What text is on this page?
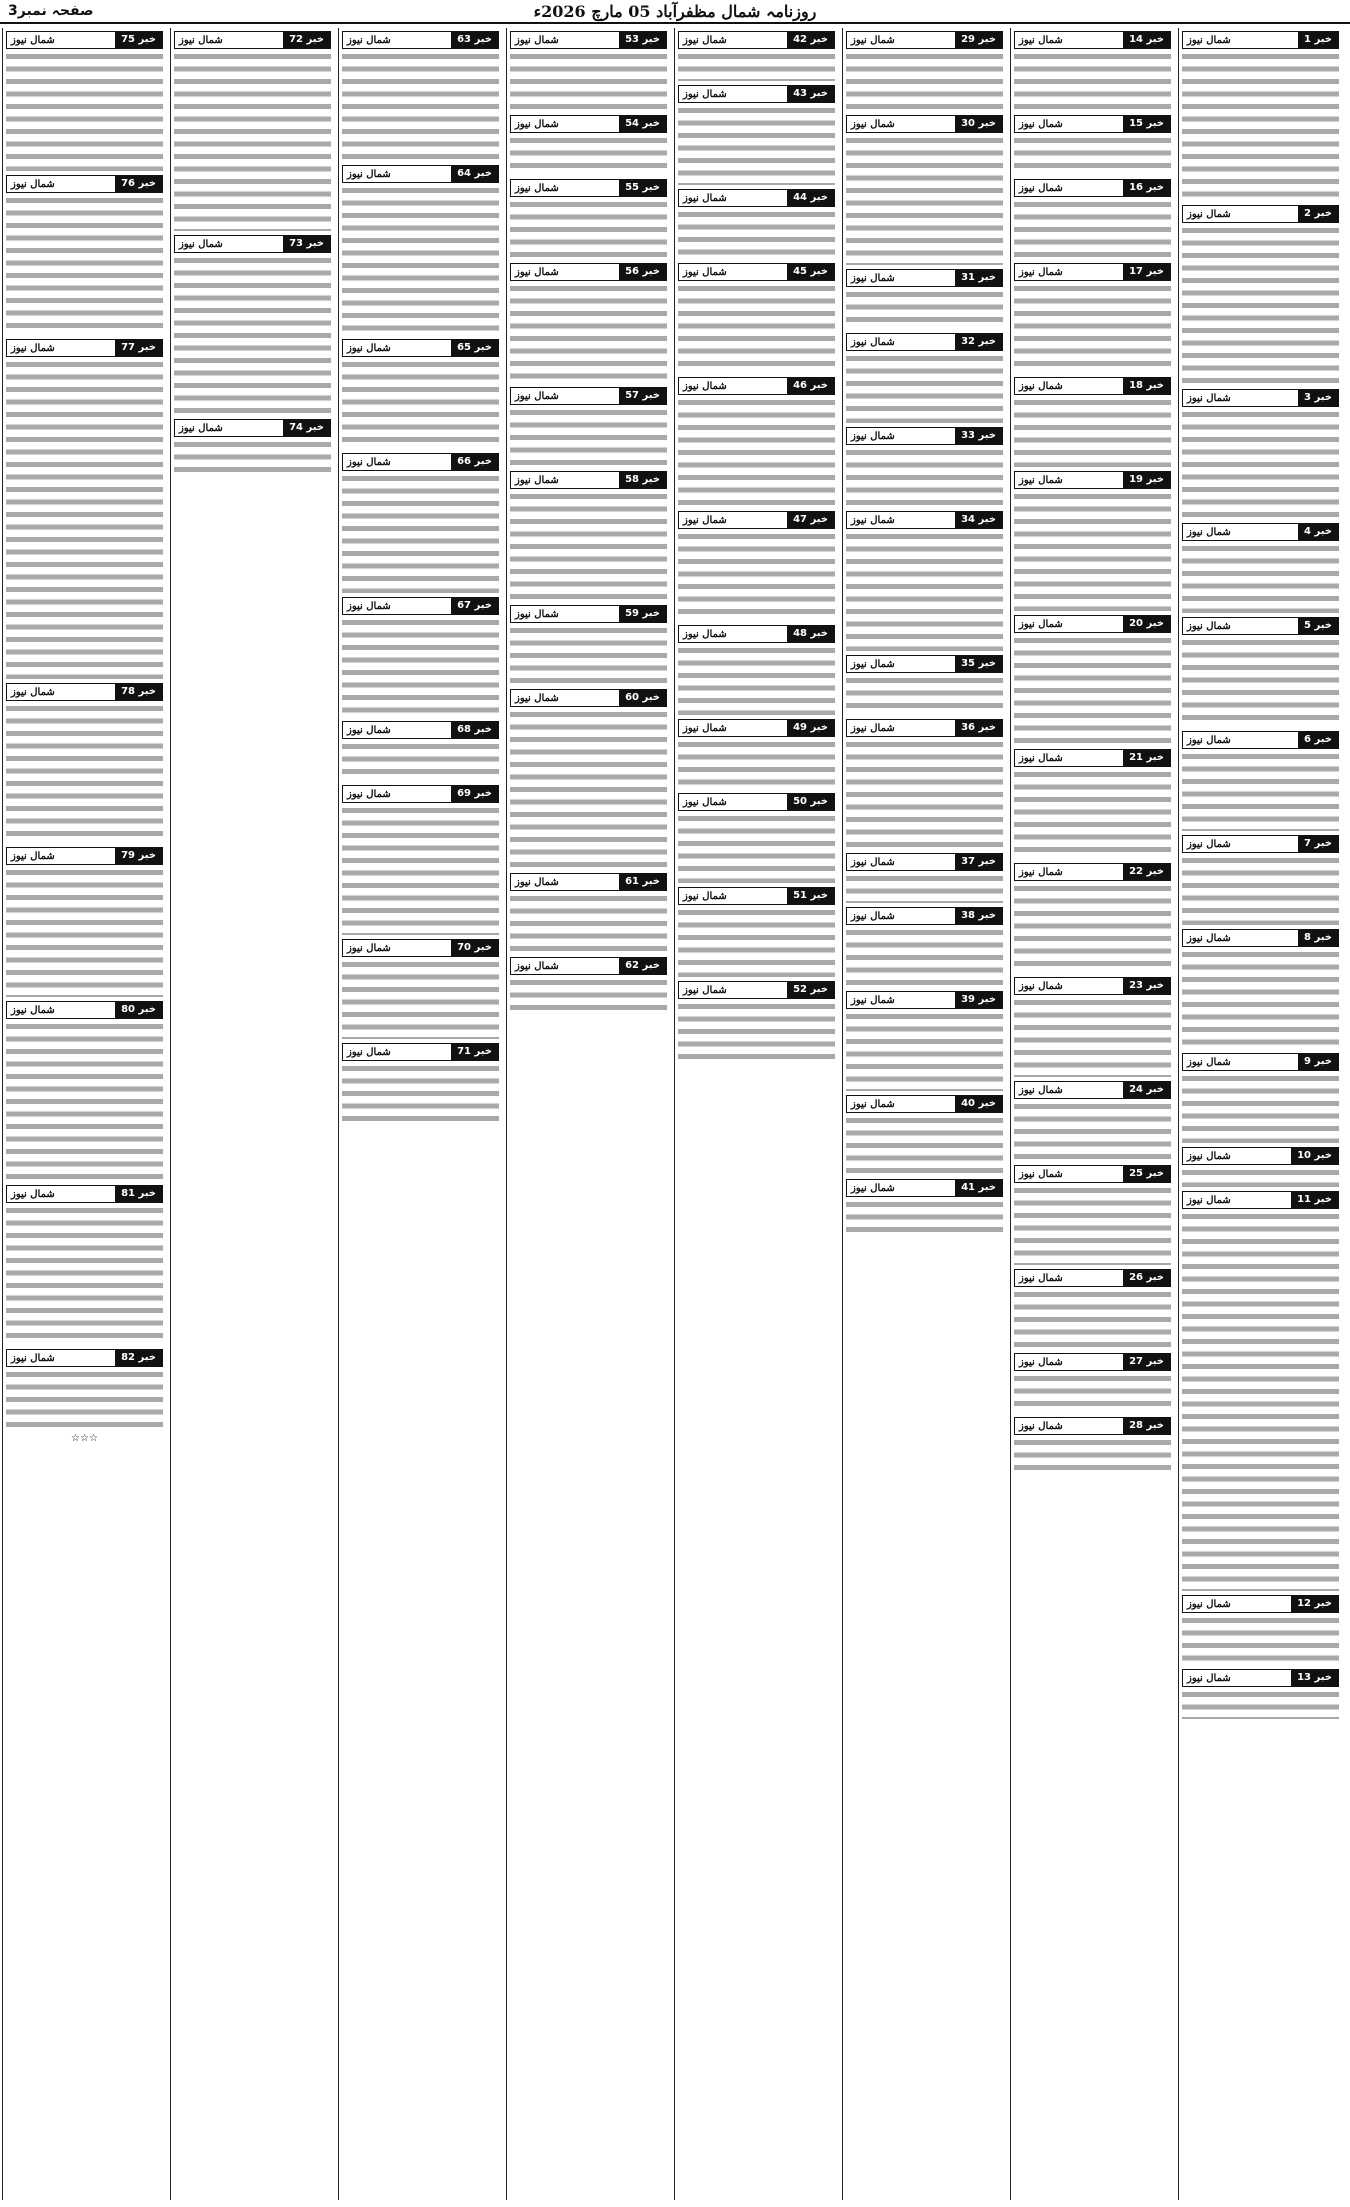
روزنامہ شمال مظفرآباد 05 مارچ 2026ء
صفحہ نمبر3
خبر 1
شمال نیوز
خبر 2
شمال نیوز
خبر 3
شمال نیوز
خبر 4
شمال نیوز
خبر 5
شمال نیوز
خبر 6
شمال نیوز
خبر 7
شمال نیوز
خبر 8
شمال نیوز
خبر 9
شمال نیوز
خبر 10
شمال نیوز
خبر 11
شمال نیوز
خبر 12
شمال نیوز
خبر 13
شمال نیوز
خبر 14
شمال نیوز
خبر 15
شمال نیوز
خبر 16
شمال نیوز
خبر 17
شمال نیوز
خبر 18
شمال نیوز
خبر 19
شمال نیوز
خبر 20
شمال نیوز
خبر 21
شمال نیوز
خبر 22
شمال نیوز
خبر 23
شمال نیوز
خبر 24
شمال نیوز
خبر 25
شمال نیوز
خبر 26
شمال نیوز
خبر 27
شمال نیوز
خبر 28
شمال نیوز
خبر 29
شمال نیوز
خبر 30
شمال نیوز
خبر 31
شمال نیوز
خبر 32
شمال نیوز
خبر 33
شمال نیوز
خبر 34
شمال نیوز
خبر 35
شمال نیوز
خبر 36
شمال نیوز
خبر 37
شمال نیوز
خبر 38
شمال نیوز
خبر 39
شمال نیوز
خبر 40
شمال نیوز
خبر 41
شمال نیوز
خبر 42
شمال نیوز
خبر 43
شمال نیوز
خبر 44
شمال نیوز
خبر 45
شمال نیوز
خبر 46
شمال نیوز
خبر 47
شمال نیوز
خبر 48
شمال نیوز
خبر 49
شمال نیوز
خبر 50
شمال نیوز
خبر 51
شمال نیوز
خبر 52
شمال نیوز
خبر 53
شمال نیوز
خبر 54
شمال نیوز
خبر 55
شمال نیوز
خبر 56
شمال نیوز
خبر 57
شمال نیوز
خبر 58
شمال نیوز
خبر 59
شمال نیوز
خبر 60
شمال نیوز
خبر 61
شمال نیوز
خبر 62
شمال نیوز
خبر 63
شمال نیوز
خبر 64
شمال نیوز
خبر 65
شمال نیوز
خبر 66
شمال نیوز
خبر 67
شمال نیوز
خبر 68
شمال نیوز
خبر 69
شمال نیوز
خبر 70
شمال نیوز
خبر 71
شمال نیوز
خبر 72
شمال نیوز
خبر 73
شمال نیوز
خبر 74
شمال نیوز
خبر 75
شمال نیوز
خبر 76
شمال نیوز
خبر 77
شمال نیوز
خبر 78
شمال نیوز
خبر 79
شمال نیوز
خبر 80
شمال نیوز
خبر 81
شمال نیوز
خبر 82
شمال نیوز
☆☆☆
